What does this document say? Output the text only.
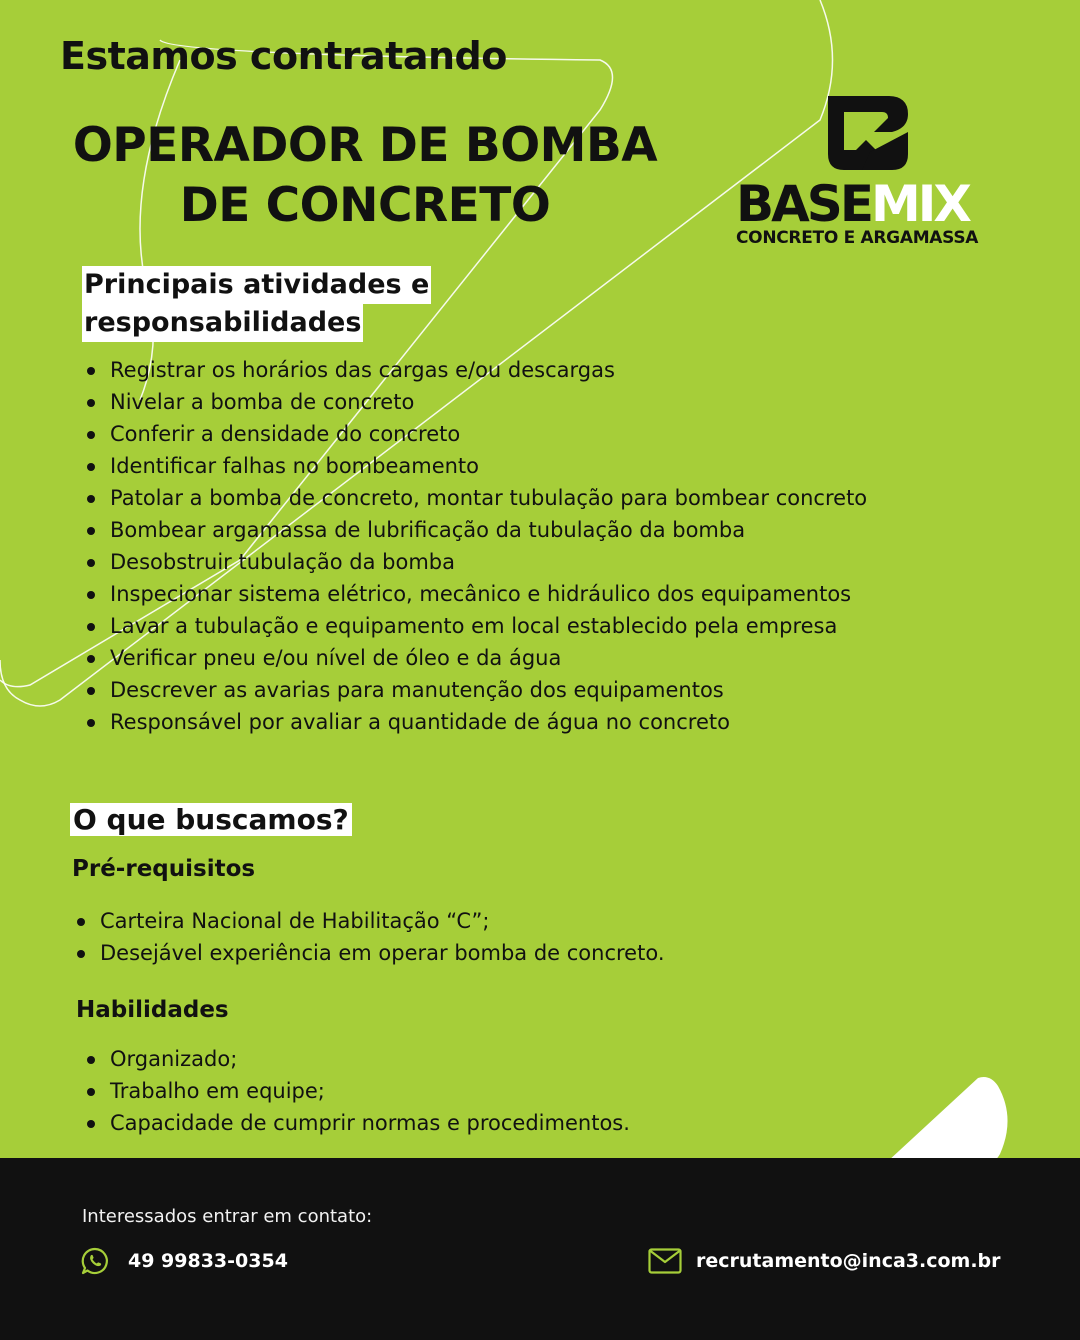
Estamos contratando
OPERADOR DE BOMBA
DE CONCRETO	BASEMIX
CONCRETO E ARGAMASSA
Principais atividades e
responsabilidades
Registrar os horários das cargas e/ou descargas
Nivelar a bomba de concreto
Conferir a densidade do concreto
Identificar falhas no bombeamento
Patolar a bomba de concreto, montar tubulação para bombear concreto
Bombear argamassa de lubrificação da tubulação da bomba
Desobstruir tubulação da bomba
Inspecionar sistema elétrico, mecânico e hidráulico dos equipamentos
Lavar a tubulação e equipamento em local establecido pela empresa
Verificar pneu e/ou nível de óleo e da água
Descrever as avarias para manutenção dos equipamentos
Responsável por avaliar a quantidade de água no concreto
O que buscamos?
Pré-requisitos
Carteira Nacional de Habilitação “C”;
Desejável experiência em operar bomba de concreto.
Habilidades
Organizado;
Trabalho em equipe;
Capacidade de cumprir normas e procedimentos.
Interessados entrar em contato:
49 99833-0354	recrutamento@inca3.com.br
